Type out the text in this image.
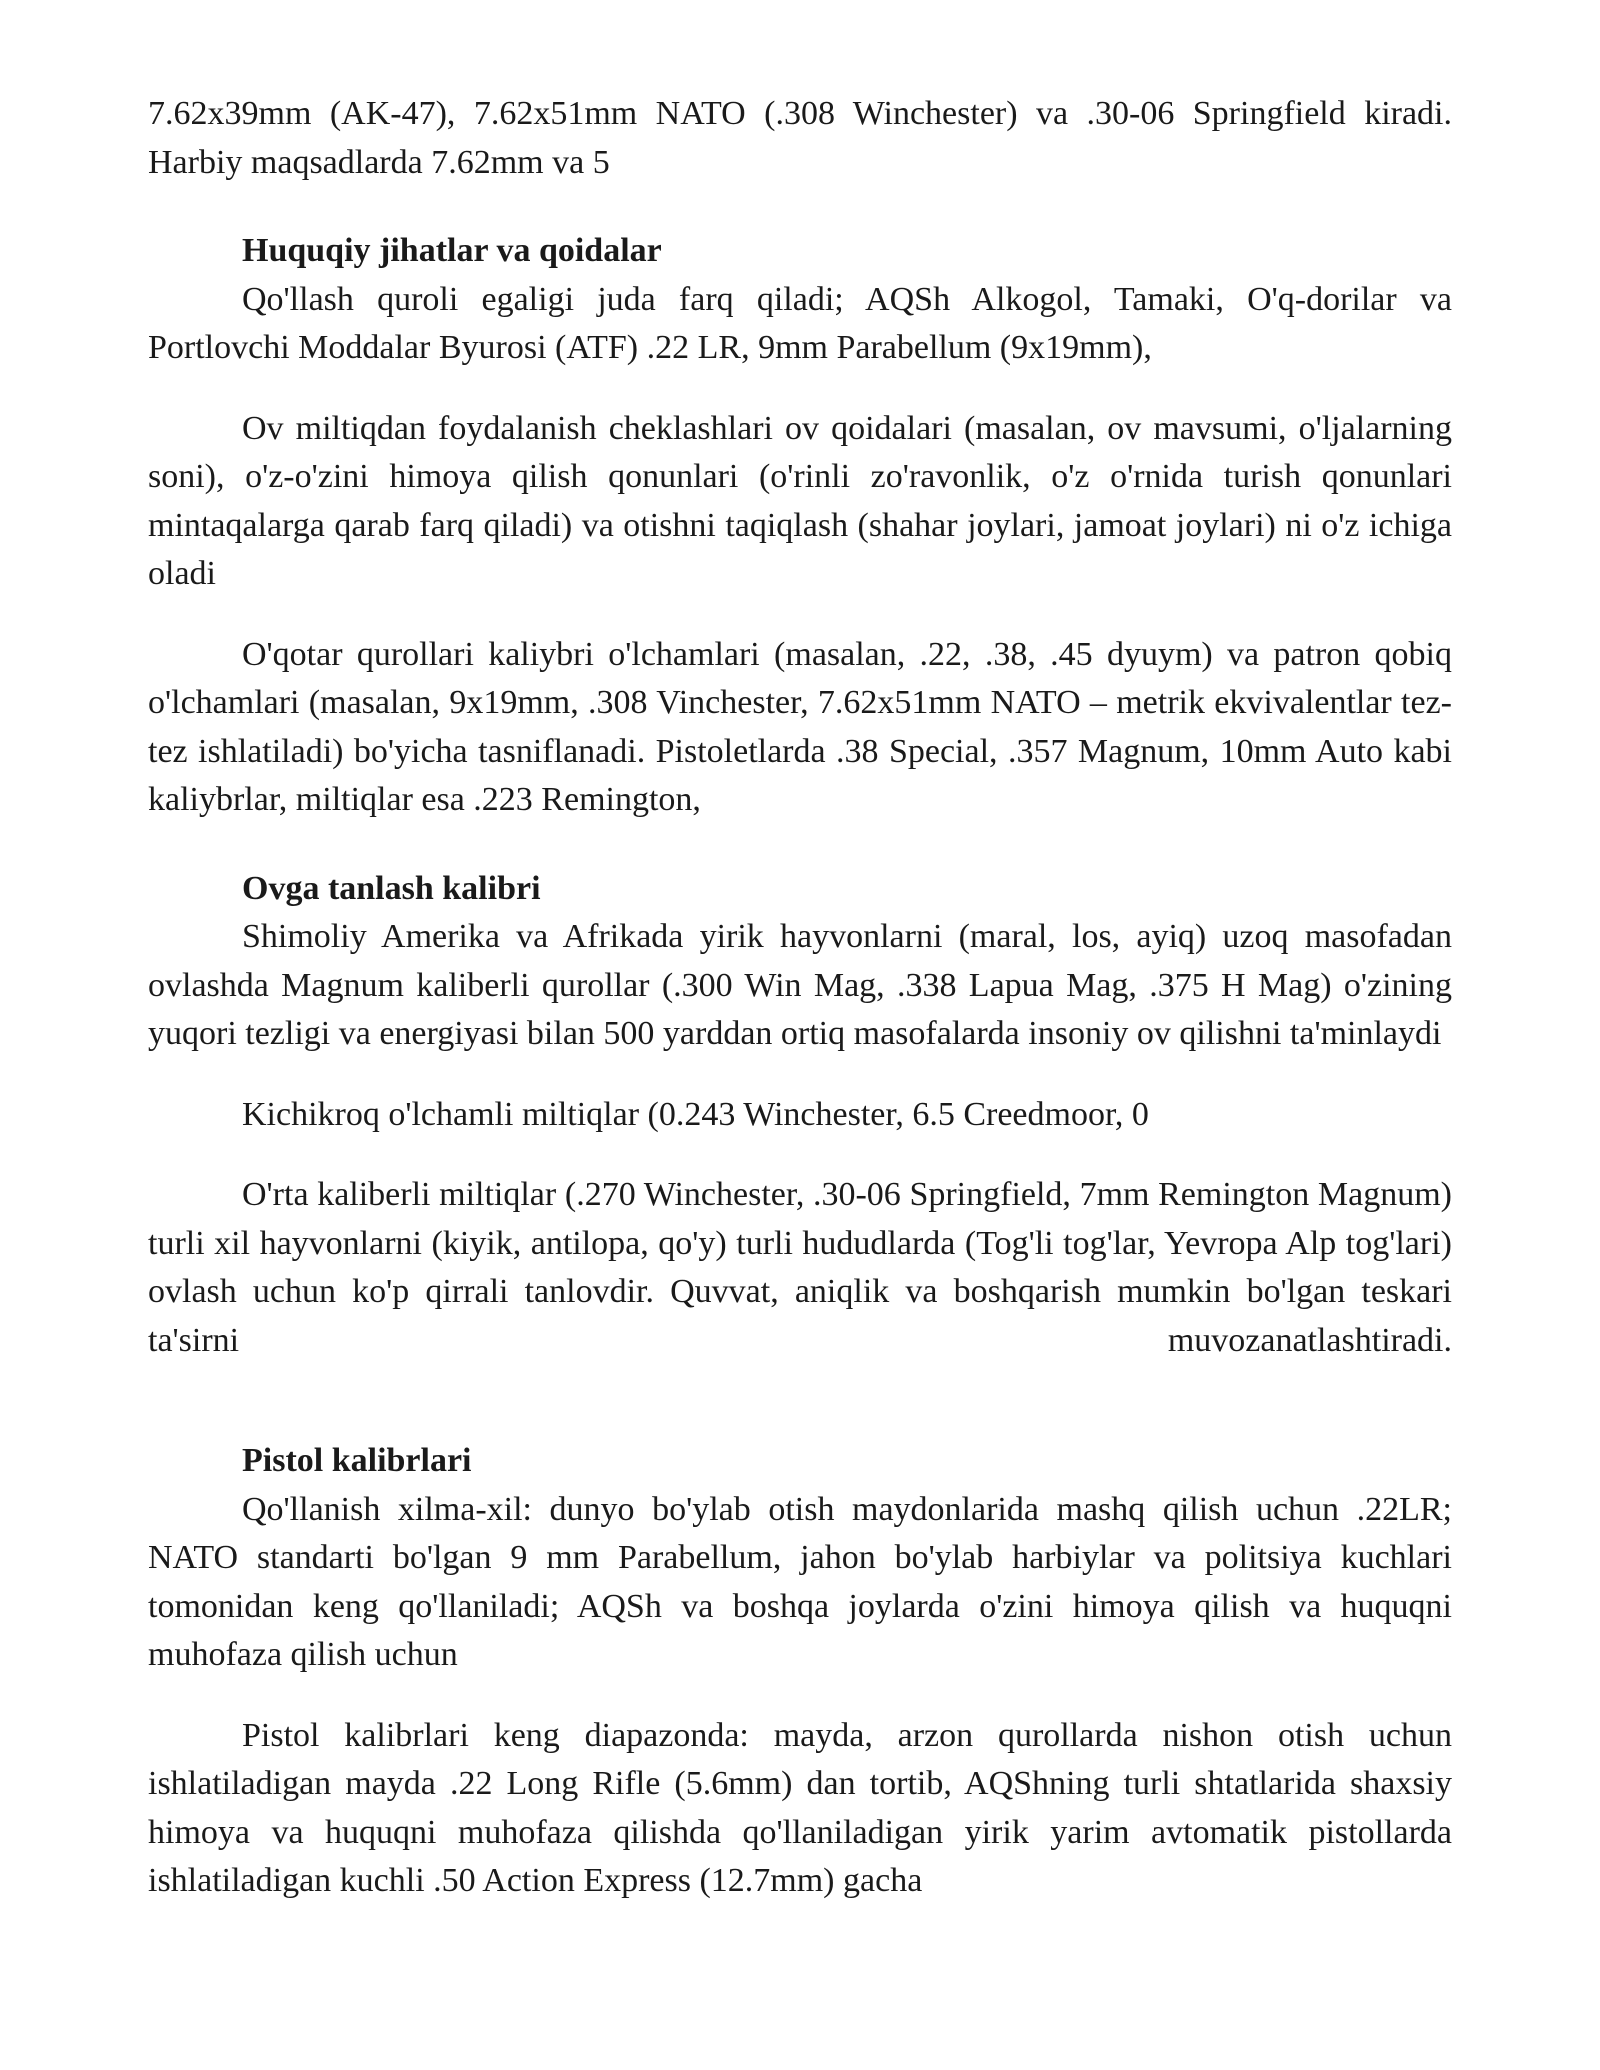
7.62x39mm (AK-47), 7.62x51mm NATO (.308 Winchester) va .30-06 Springfield kiradi. Harbiy maqsadlarda 7.62mm va 5

Huquqiy jihatlar va qoidalar

Qo'llash quroli egaligi juda farq qiladi; AQSh Alkogol, Tamaki, O'q-dorilar va Portlovchi Moddalar Byurosi (ATF) .22 LR, 9mm Parabellum (9x19mm),

Ov miltiqdan foydalanish cheklashlari ov qoidalari (masalan, ov mavsumi, o'ljalarning soni), o'z-o'zini himoya qilish qonunlari (o'rinli zo'ravonlik, o'z o'rnida turish qonunlari mintaqalarga qarab farq qiladi) va otishni taqiqlash (shahar joylari, jamoat joylari) ni o'z ichiga oladi

O'qotar qurollari kaliybri o'lchamlari (masalan, .22, .38, .45 dyuym) va patron qobiq o'lchamlari (masalan, 9x19mm, .308 Vinchester, 7.62x51mm NATO – metrik ekvivalentlar tez-tez ishlatiladi) bo'yicha tasniflanadi. Pistoletlarda .38 Special, .357 Magnum, 10mm Auto kabi kaliybrlar, miltiqlar esa .223 Remington,

Ovga tanlash kalibri

Shimoliy Amerika va Afrikada yirik hayvonlarni (maral, los, ayiq) uzoq masofadan ovlashda Magnum kaliberli qurollar (.300 Win Mag, .338 Lapua Mag, .375 H Mag) o'zining yuqori tezligi va energiyasi bilan 500 yarddan ortiq masofalarda insoniy ov qilishni ta'minlaydi

Kichikroq o'lchamli miltiqlar (0.243 Winchester, 6.5 Creedmoor, 0

O'rta kaliberli miltiqlar (.270 Winchester, .30-06 Springfield, 7mm Remington Magnum) turli xil hayvonlarni (kiyik, antilopa, qo'y) turli hududlarda (Tog'li tog'lar, Yevropa Alp tog'lari) ovlash uchun ko'p qirrali tanlovdir. Quvvat, aniqlik va boshqarish mumkin bo'lgan teskari ta'sirni muvozanatlashtiradi.

Pistol kalibrlari

Qo'llanish xilma-xil: dunyo bo'ylab otish maydonlarida mashq qilish uchun .22LR; NATO standarti bo'lgan 9 mm Parabellum, jahon bo'ylab harbiylar va politsiya kuchlari tomonidan keng qo'llaniladi; AQSh va boshqa joylarda o'zini himoya qilish va huquqni muhofaza qilish uchun

Pistol kalibrlari keng diapazonda: mayda, arzon qurollarda nishon otish uchun ishlatiladigan mayda .22 Long Rifle (5.6mm) dan tortib, AQShning turli shtatlarida shaxsiy himoya va huquqni muhofaza qilishda qo'llaniladigan yirik yarim avtomatik pistollarda ishlatiladigan kuchli .50 Action Express (12.7mm) gacha
